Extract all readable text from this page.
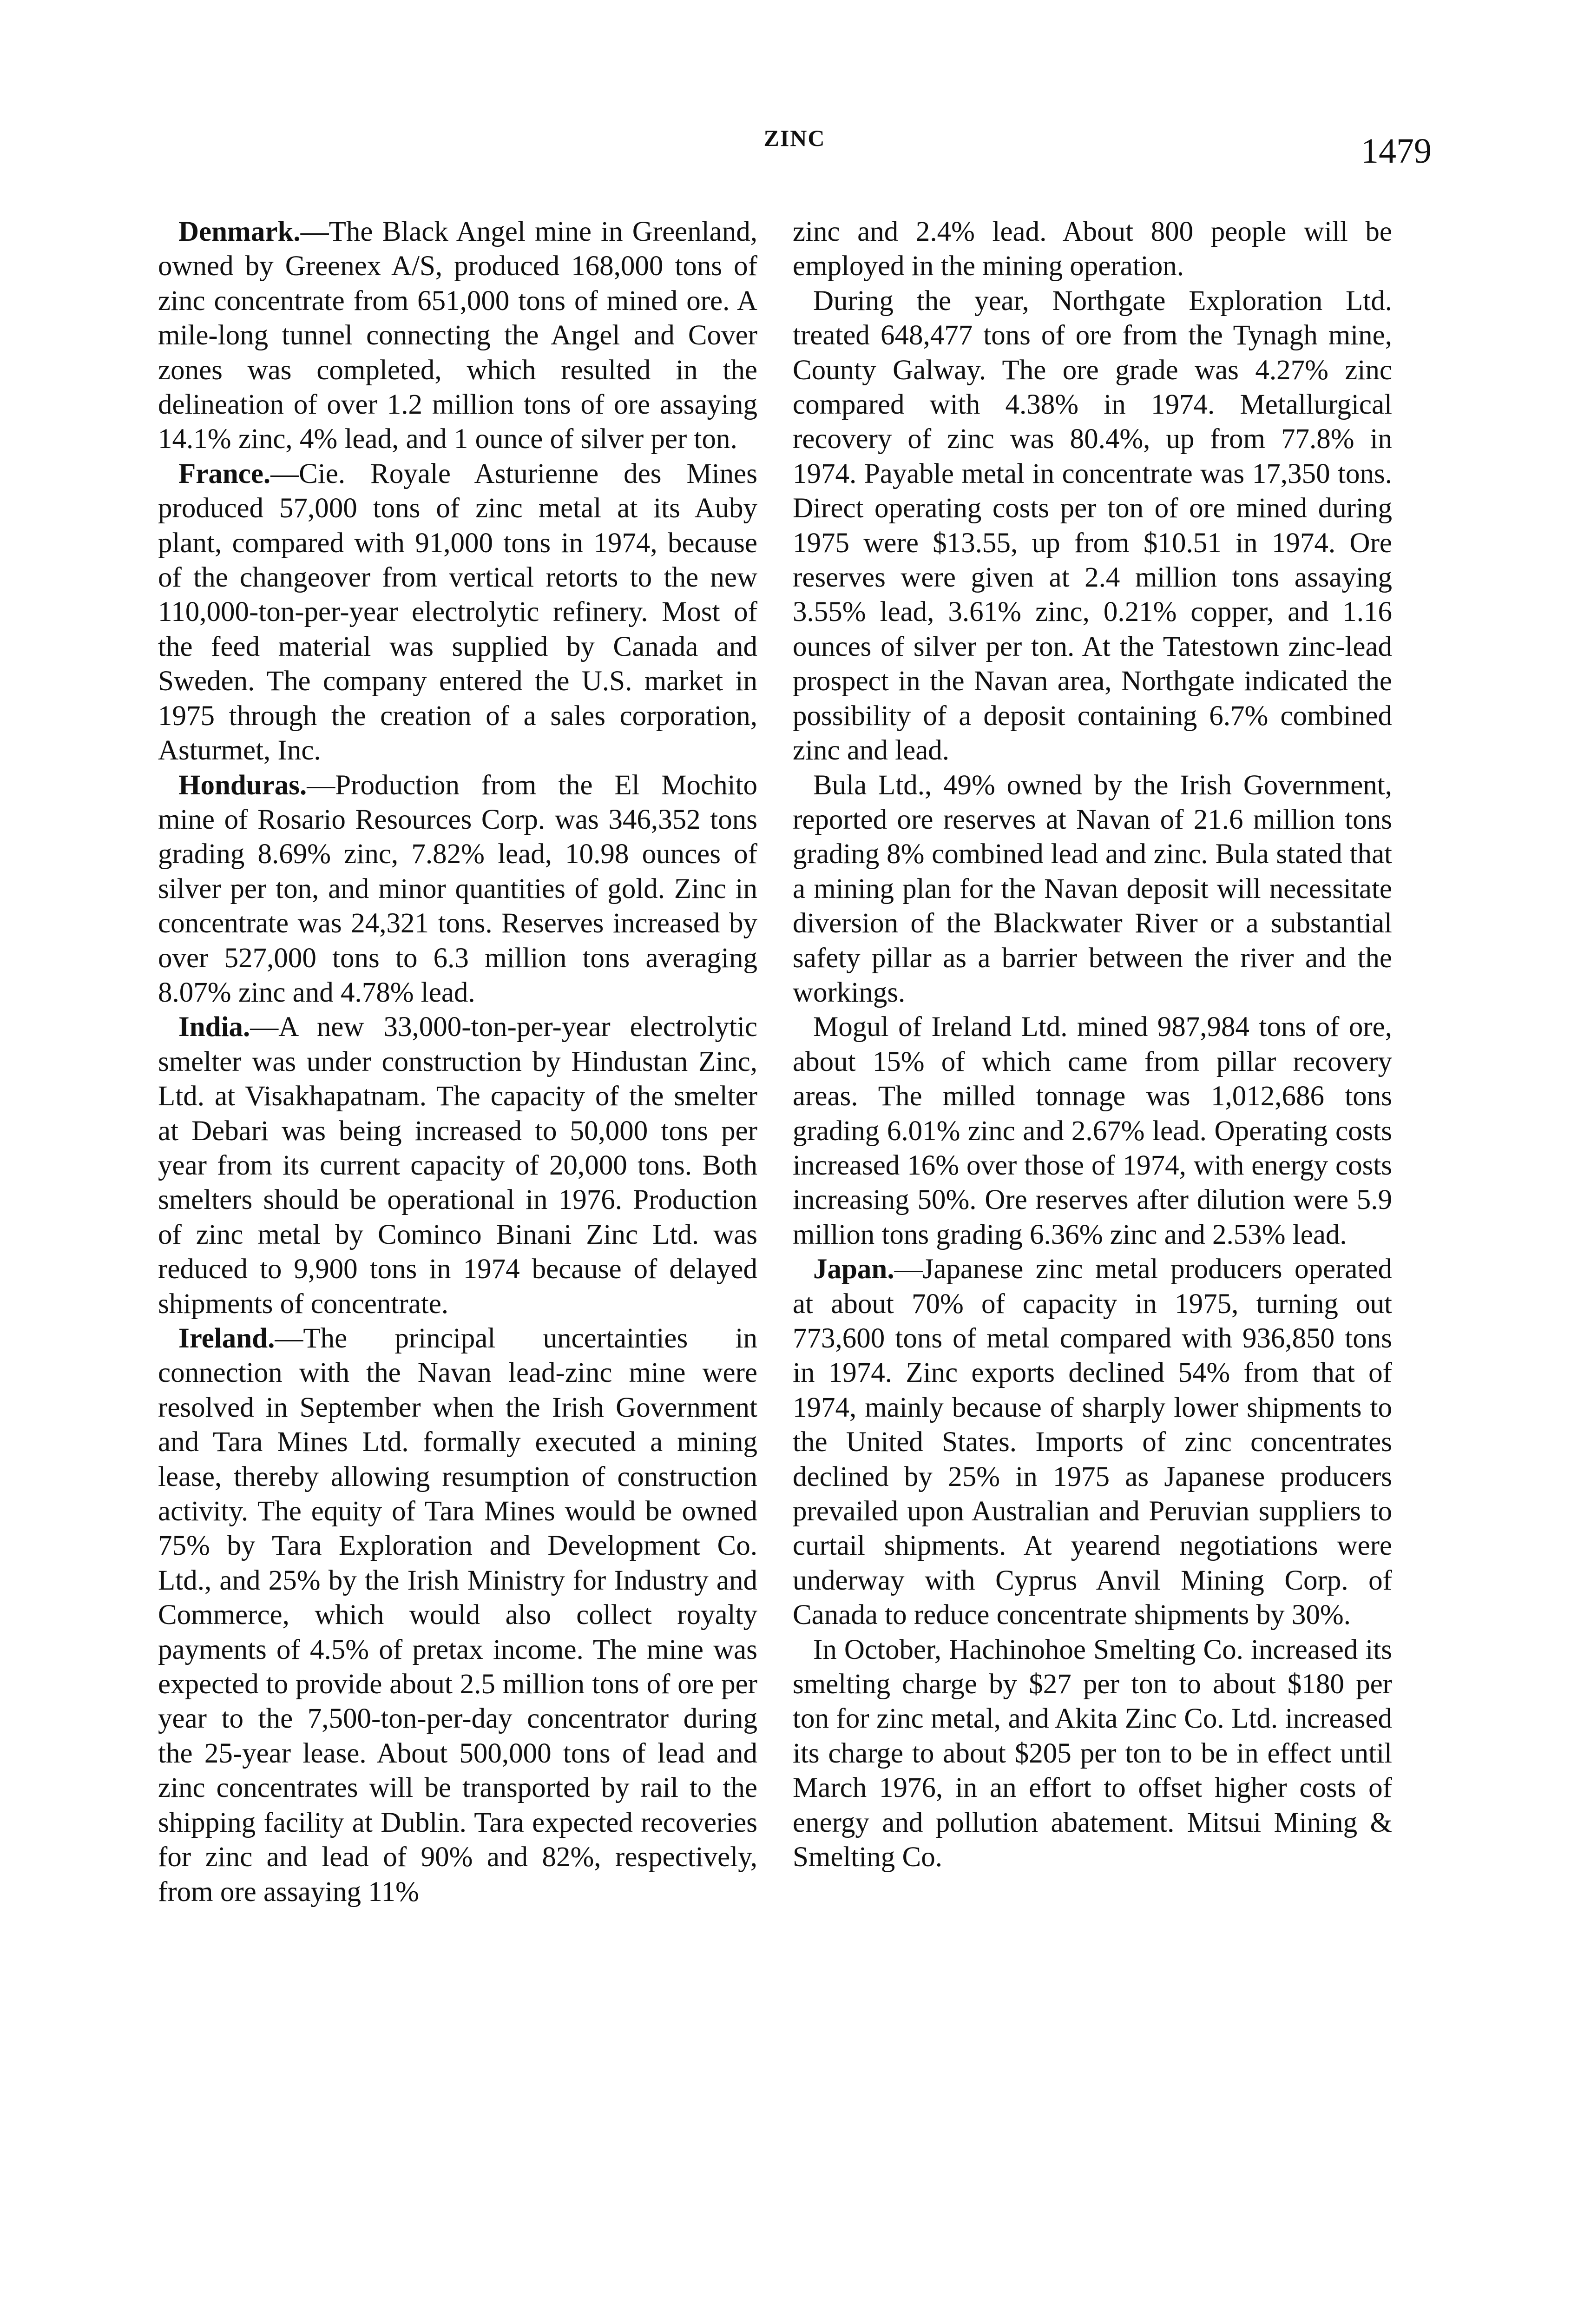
ZINC	1479

Denmark.—The Black Angel mine in Greenland, owned by Greenex A/S, produced 168,000 tons of zinc concentrate from 651,000 tons of mined ore. A mile-long tunnel connecting the Angel and Cover zones was completed, which resulted in the delineation of over 1.2 million tons of ore assaying 14.1% zinc, 4% lead, and 1 ounce of silver per ton.

France.—Cie. Royale Asturienne des Mines produced 57,000 tons of zinc metal at its Auby plant, compared with 91,000 tons in 1974, because of the changeover from vertical retorts to the new 110,000-ton-per-year electrolytic refinery. Most of the feed material was supplied by Canada and Sweden. The company entered the U.S. market in 1975 through the creation of a sales corporation, Asturmet, Inc.

Honduras.—Production from the El Mochito mine of Rosario Resources Corp. was 346,352 tons grading 8.69% zinc, 7.82% lead, 10.98 ounces of silver per ton, and minor quantities of gold. Zinc in concentrate was 24,321 tons. Reserves increased by over 527,000 tons to 6.3 million tons averaging 8.07% zinc and 4.78% lead.

India.—A new 33,000-ton-per-year electrolytic smelter was under construction by Hindustan Zinc, Ltd. at Visakhapatnam. The capacity of the smelter at Debari was being increased to 50,000 tons per year from its current capacity of 20,000 tons. Both smelters should be operational in 1976. Production of zinc metal by Cominco Binani Zinc Ltd. was reduced to 9,900 tons in 1974 because of delayed shipments of concentrate.

Ireland.—The principal uncertainties in connection with the Navan lead-zinc mine were resolved in September when the Irish Government and Tara Mines Ltd. formally executed a mining lease, thereby allowing resumption of construction activity. The equity of Tara Mines would be owned 75% by Tara Exploration and Development Co. Ltd., and 25% by the Irish Ministry for Industry and Commerce, which would also collect royalty payments of 4.5% of pretax income. The mine was expected to provide about 2.5 million tons of ore per year to the 7,500-ton-per-day concentrator during the 25-year lease. About 500,000 tons of lead and zinc concentrates will be transported by rail to the shipping facility at Dublin. Tara expected recoveries for zinc and lead of 90% and 82%, respectively, from ore assaying 11%

zinc and 2.4% lead. About 800 people will be employed in the mining operation.

During the year, Northgate Exploration Ltd. treated 648,477 tons of ore from the Tynagh mine, County Galway. The ore grade was 4.27% zinc compared with 4.38% in 1974. Metallurgical recovery of zinc was 80.4%, up from 77.8% in 1974. Payable metal in concentrate was 17,350 tons. Direct operating costs per ton of ore mined during 1975 were $13.55, up from $10.51 in 1974. Ore reserves were given at 2.4 million tons assaying 3.55% lead, 3.61% zinc, 0.21% copper, and 1.16 ounces of silver per ton. At the Tatestown zinc-lead prospect in the Navan area, Northgate indicated the possibility of a deposit containing 6.7% combined zinc and lead.

Bula Ltd., 49% owned by the Irish Government, reported ore reserves at Navan of 21.6 million tons grading 8% combined lead and zinc. Bula stated that a mining plan for the Navan deposit will necessitate diversion of the Blackwater River or a substantial safety pillar as a barrier between the river and the workings.

Mogul of Ireland Ltd. mined 987,984 tons of ore, about 15% of which came from pillar recovery areas. The milled tonnage was 1,012,686 tons grading 6.01% zinc and 2.67% lead. Operating costs increased 16% over those of 1974, with energy costs increasing 50%. Ore reserves after dilution were 5.9 million tons grading 6.36% zinc and 2.53% lead.

Japan.—Japanese zinc metal producers operated at about 70% of capacity in 1975, turning out 773,600 tons of metal compared with 936,850 tons in 1974. Zinc exports declined 54% from that of 1974, mainly because of sharply lower shipments to the United States. Imports of zinc concentrates declined by 25% in 1975 as Japanese producers prevailed upon Australian and Peruvian suppliers to curtail shipments. At yearend negotiations were underway with Cyprus Anvil Mining Corp. of Canada to reduce concentrate shipments by 30%.

In October, Hachinohoe Smelting Co. increased its smelting charge by $27 per ton to about $180 per ton for zinc metal, and Akita Zinc Co. Ltd. increased its charge to about $205 per ton to be in effect until March 1976, in an effort to offset higher costs of energy and pollution abatement. Mitsui Mining & Smelting Co.
